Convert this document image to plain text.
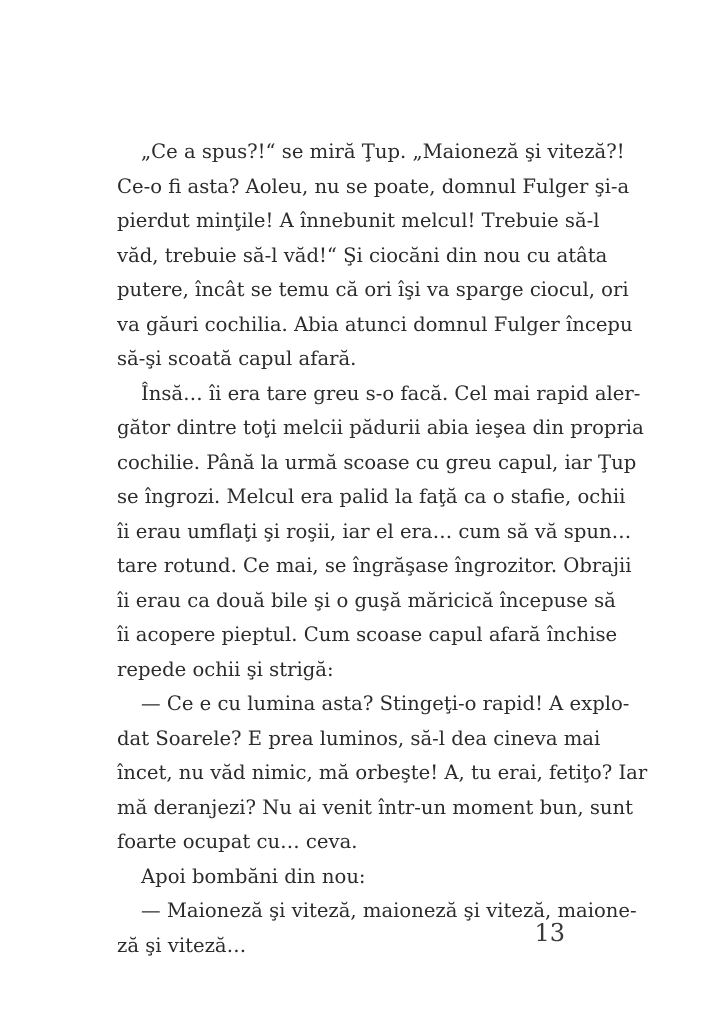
„Ce a spus?!“ se miră Ţup. „Maioneză şi viteză?!
Ce-o fi asta? Aoleu, nu se poate, domnul Fulger şi-a
pierdut minţile! A înnebunit melcul! Trebuie să-l
văd, trebuie să-l văd!“ Şi ciocăni din nou cu atâta
putere, încât se temu că ori îşi va sparge ciocul, ori
va găuri cochilia. Abia atunci domnul Fulger începu
să-şi scoată capul afară.
Însă… îi era tare greu s-o facă. Cel mai rapid aler-
gător dintre toţi melcii pădurii abia ieşea din propria
cochilie. Până la urmă scoase cu greu capul, iar Ţup
se îngrozi. Melcul era palid la faţă ca o stafie, ochii
îi erau umflaţi şi roşii, iar el era… cum să vă spun…
tare rotund. Ce mai, se îngrăşase îngrozitor. Obrajii
îi erau ca două bile şi o guşă măricică începuse să
îi acopere pieptul. Cum scoase capul afară închise
repede ochii şi strigă:
— Ce e cu lumina asta? Stingeţi-o rapid! A explo-
dat Soarele? E prea luminos, să-l dea cineva mai
încet, nu văd nimic, mă orbeşte! A, tu erai, fetiţo? Iar
mă deranjezi? Nu ai venit într-un moment bun, sunt
foarte ocupat cu… ceva.
Apoi bombăni din nou:
— Maioneză şi viteză, maioneză şi viteză, maione-
ză şi viteză…	13
